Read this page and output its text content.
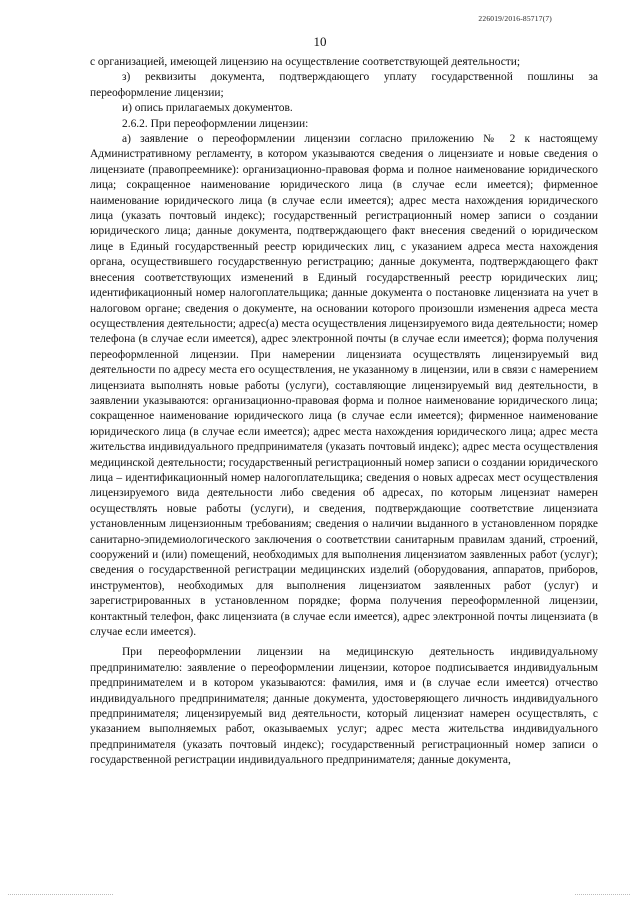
226019/2016-85717(7)
10

с организацией, имеющей лицензию на осуществление соответствующей деятельности;

з) реквизиты документа, подтверждающего уплату государственной пошлины за переоформление лицензии;

и) опись прилагаемых документов.

2.6.2. При переоформлении лицензии:

а) заявление о переоформлении лицензии согласно приложению № 2 к настоящему Административному регламенту, в котором указываются сведения о лицензиате и новые сведения о лицензиате (правопреемнике): организационно-правовая форма и полное наименование юридического лица; сокращенное наименование юридического лица (в случае если имеется); фирменное наименование юридического лица (в случае если имеется); адрес места нахождения юридического лица (указать почтовый индекс); государственный регистрационный номер записи о создании юридического лица; данные документа, подтверждающего факт внесения сведений о юридическом лице в Единый государственный реестр юридических лиц, с указанием адреса места нахождения органа, осуществившего государственную регистрацию; данные документа, подтверждающего факт внесения соответствующих изменений в Единый государственный реестр юридических лиц; идентификационный номер налогоплательщика; данные документа о постановке лицензиата на учет в налоговом органе; сведения о документе, на основании которого произошли изменения адреса места осуществления деятельности; адрес(а) места осуществления лицензируемого вида деятельности; номер телефона (в случае если имеется), адрес электронной почты (в случае если имеется); форма получения переоформленной лицензии. При намерении лицензиата осуществлять лицензируемый вид деятельности по адресу места его осуществления, не указанному в лицензии, или в связи с намерением лицензиата выполнять новые работы (услуги), составляющие лицензируемый вид деятельности, в заявлении указываются: организационно-правовая форма и полное наименование юридического лица; сокращенное наименование юридического лица (в случае если имеется); фирменное наименование юридического лица (в случае если имеется); адрес места нахождения юридического лица; адрес места жительства индивидуального предпринимателя (указать почтовый индекс); адрес места осуществления медицинской деятельности; государственный регистрационный номер записи о создании юридического лица – идентификационный номер налогоплательщика; сведения о новых адресах мест осуществления лицензируемого вида деятельности либо сведения об адресах, по которым лицензиат намерен осуществлять новые работы (услуги), и сведения, подтверждающие соответствие лицензиата установленным лицензионным требованиям; сведения о наличии выданного в установленном порядке санитарно-эпидемиологического заключения о соответствии санитарным правилам зданий, строений, сооружений и (или) помещений, необходимых для выполнения лицензиатом заявленных работ (услуг); сведения о государственной регистрации медицинских изделий (оборудования, аппаратов, приборов, инструментов), необходимых для выполнения лицензиатом заявленных работ (услуг) и зарегистрированных в установленном порядке; форма получения переоформленной лицензии, контактный телефон, факс лицензиата (в случае если имеется), адрес электронной почты лицензиата (в случае если имеется).

При переоформлении лицензии на медицинскую деятельность индивидуальному предпринимателю: заявление о переоформлении лицензии, которое подписывается индивидуальным предпринимателем и в котором указываются: фамилия, имя и (в случае если имеется) отчество индивидуального предпринимателя; данные документа, удостоверяющего личность индивидуального предпринимателя; лицензируемый вид деятельности, который лицензиат намерен осуществлять, с указанием выполняемых работ, оказываемых услуг; адрес места жительства индивидуального предпринимателя (указать почтовый индекс); государственный регистрационный номер записи о государственной регистрации индивидуального предпринимателя; данные документа,
